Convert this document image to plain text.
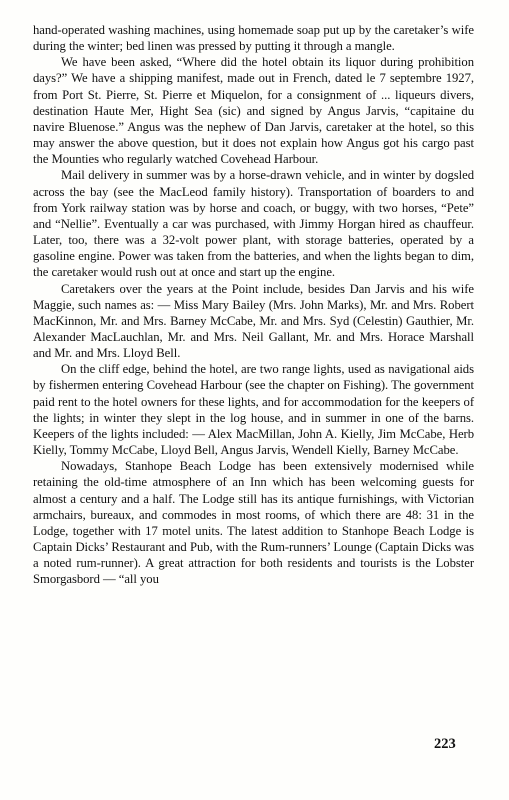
hand-operated washing machines, using homemade soap put up by the caretaker’s wife during the winter; bed linen was pressed by putting it through a mangle.

We have been asked, “Where did the hotel obtain its liquor during prohibition days?” We have a shipping manifest, made out in French, dated le 7 septembre 1927, from Port St. Pierre, St. Pierre et Miquelon, for a consignment of ... liqueurs divers, destination Haute Mer, Hight Sea (sic) and signed by Angus Jarvis, “capitaine du navire Bluenose.” Angus was the nephew of Dan Jarvis, caretaker at the hotel, so this may answer the above question, but it does not explain how Angus got his cargo past the Mounties who regularly watched Covehead Harbour.

Mail delivery in summer was by a horse-drawn vehicle, and in winter by dogsled across the bay (see the MacLeod family history). Transportation of boarders to and from York railway station was by horse and coach, or buggy, with two horses, “Pete” and “Nellie”. Eventually a car was purchased, with Jimmy Horgan hired as chauffeur. Later, too, there was a 32-volt power plant, with storage batteries, operated by a gasoline engine. Power was taken from the batteries, and when the lights began to dim, the caretaker would rush out at once and start up the engine.

Caretakers over the years at the Point include, besides Dan Jarvis and his wife Maggie, such names as: — Miss Mary Bailey (Mrs. John Marks), Mr. and Mrs. Robert MacKinnon, Mr. and Mrs. Barney McCabe, Mr. and Mrs. Syd (Celestin) Gauthier, Mr. Alexander MacLauchlan, Mr. and Mrs. Neil Gallant, Mr. and Mrs. Horace Marshall and Mr. and Mrs. Lloyd Bell.

On the cliff edge, behind the hotel, are two range lights, used as navigational aids by fishermen entering Covehead Harbour (see the chapter on Fishing). The government paid rent to the hotel owners for these lights, and for accommodation for the keepers of the lights; in winter they slept in the log house, and in summer in one of the barns. Keepers of the lights included: — Alex MacMillan, John A. Kielly, Jim McCabe, Herb Kielly, Tommy McCabe, Lloyd Bell, Angus Jarvis, Wendell Kielly, Barney McCabe.

Nowadays, Stanhope Beach Lodge has been extensively modernised while retaining the old-time atmosphere of an Inn which has been welcoming guests for almost a century and a half. The Lodge still has its antique furnishings, with Victorian armchairs, bureaux, and commodes in most rooms, of which there are 48: 31 in the Lodge, together with 17 motel units. The latest addition to Stanhope Beach Lodge is Captain Dicks’ Restaurant and Pub, with the Rum-runners’ Lounge (Captain Dicks was a noted rum-runner). A great attraction for both residents and tourists is the Lobster Smorgasbord — “all you

223
